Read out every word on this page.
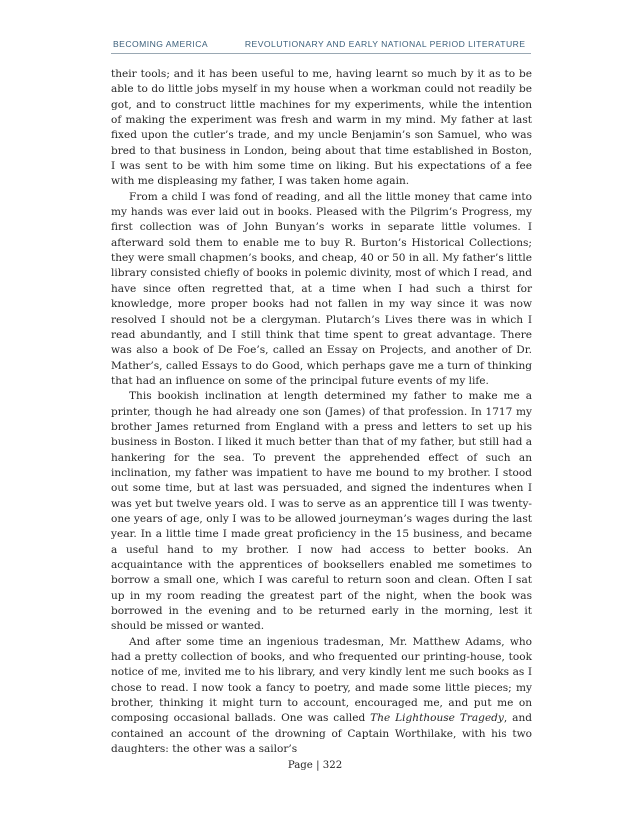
BECOMING AMERICA	REVOLUTIONARY AND EARLY NATIONAL PERIOD LITERATURE

their tools; and it has been useful to me, having learnt so much by it as to be able to do little jobs myself in my house when a workman could not readily be got, and to construct little machines for my experiments, while the intention of making the experiment was fresh and warm in my mind. My father at last fixed upon the cutler’s trade, and my uncle Benjamin’s son Samuel, who was bred to that business in London, being about that time established in Boston, I was sent to be with him some time on liking. But his expectations of a fee with me displeasing my father, I was taken home again.

From a child I was fond of reading, and all the little money that came into my hands was ever laid out in books. Pleased with the Pilgrim’s Progress, my first collection was of John Bunyan’s works in separate little volumes. I afterward sold them to enable me to buy R. Burton’s Historical Collections; they were small chapmen’s books, and cheap, 40 or 50 in all. My father’s little library consisted chiefly of books in polemic divinity, most of which I read, and have since often regretted that, at a time when I had such a thirst for knowledge, more proper books had not fallen in my way since it was now resolved I should not be a clergyman. Plutarch’s Lives there was in which I read abundantly, and I still think that time spent to great advantage. There was also a book of De Foe’s, called an Essay on Projects, and another of Dr. Mather’s, called Essays to do Good, which perhaps gave me a turn of thinking that had an influence on some of the principal future events of my life.

This bookish inclination at length determined my father to make me a printer, though he had already one son (James) of that profession. In 1717 my brother James returned from England with a press and letters to set up his business in Boston. I liked it much better than that of my father, but still had a hankering for the sea. To prevent the apprehended effect of such an inclination, my father was impatient to have me bound to my brother. I stood out some time, but at last was persuaded, and signed the indentures when I was yet but twelve years old. I was to serve as an apprentice till I was twenty-one years of age, only I was to be allowed journeyman’s wages during the last year. In a little time I made great proficiency in the 15 business, and became a useful hand to my brother. I now had access to better books. An acquaintance with the apprentices of booksellers enabled me sometimes to borrow a small one, which I was careful to return soon and clean. Often I sat up in my room reading the greatest part of the night, when the book was borrowed in the evening and to be returned early in the morning, lest it should be missed or wanted.

And after some time an ingenious tradesman, Mr. Matthew Adams, who had a pretty collection of books, and who frequented our printing-house, took notice of me, invited me to his library, and very kindly lent me such books as I chose to read. I now took a fancy to poetry, and made some little pieces; my brother, thinking it might turn to account, encouraged me, and put me on composing occasional ballads. One was called The Lighthouse Tragedy, and contained an account of the drowning of Captain Worthilake, with his two daughters: the other was a sailor’s

Page | 322
